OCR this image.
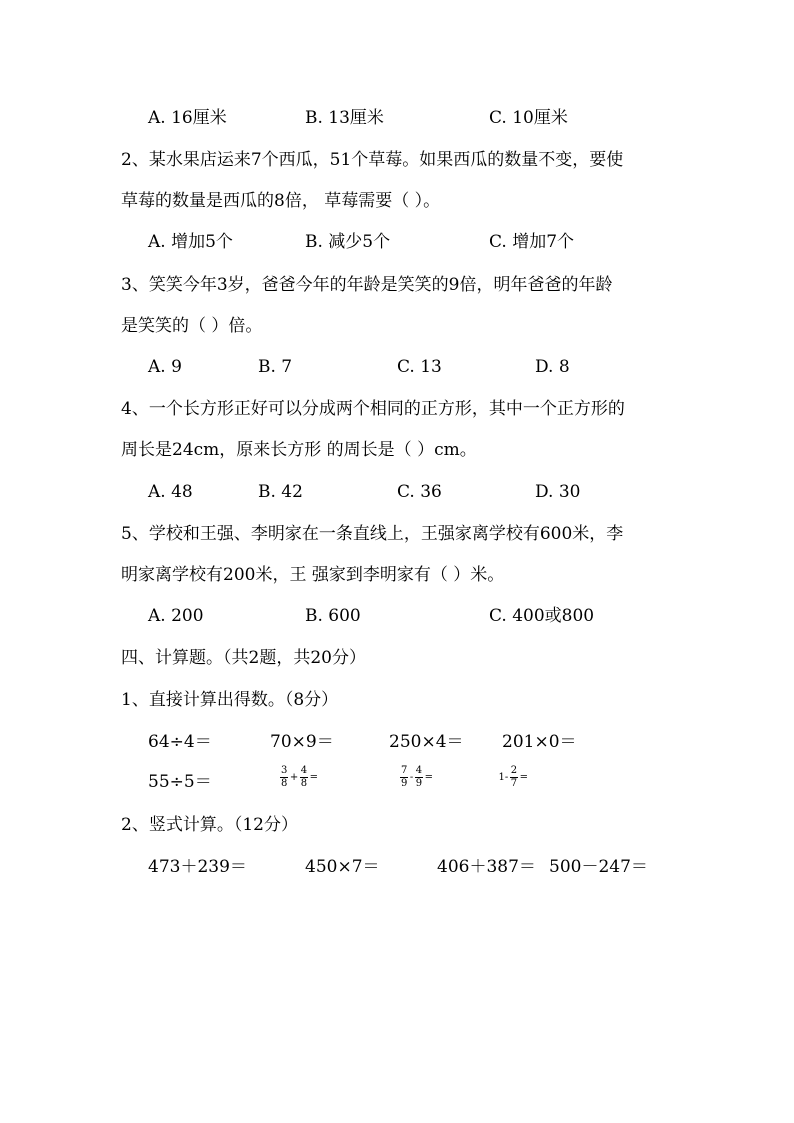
A. 16厘米	B. 13厘米	C. 10厘米
2、某水果店运来7个西瓜，51个草莓。如果西瓜的数量不变，要使
草莓的数量是西瓜的8倍， 草莓需要（ ）。
A. 增加5个	B. 减少5个	C. 增加7个
3、笑笑今年3岁，爸爸今年的年龄是笑笑的9倍，明年爸爸的年龄
是笑笑的（ ）倍。
A. 9	B. 7	C. 13	D. 8
4、一个长方形正好可以分成两个相同的正方形，其中一个正方形的
周长是24cm，原来长方形 的周长是（ ）cm。
A. 48	B. 42	C. 36	D. 30
5、学校和王强、李明家在一条直线上，王强家离学校有600米，李
明家离学校有200米，王 强家到李明家有（ ）米。
A. 200	B. 600	C. 400或800
四、计算题。（共2题，共20分）
1、直接计算出得数。（8分）
64÷4＝	70×9＝	250×4＝ 201×0＝
55÷5＝	$\frac{3}{8} + \frac{4}{8}$ =	$\frac{7}{9} - \frac{4}{9}$ =	$1- \frac{2}{7}$ =
2、竖式计算。（12分）
473＋239＝	450×7＝	406＋387＝ 500－247＝
